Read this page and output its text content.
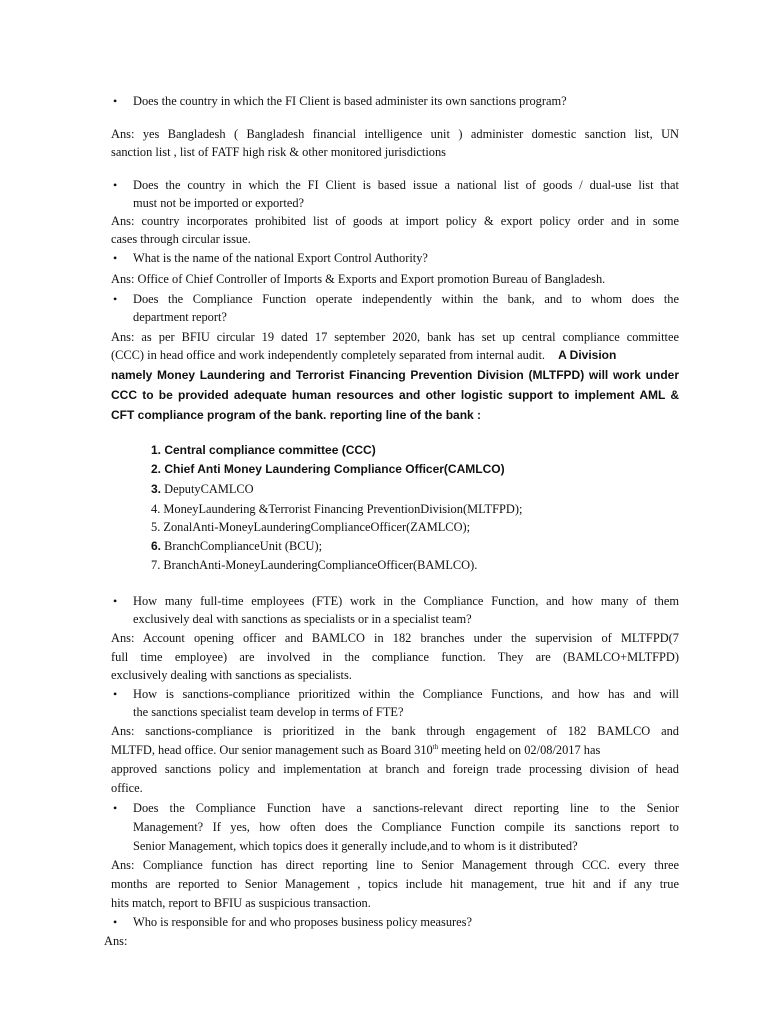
• Does the country in which the FI Client is based administer its own sanctions program?
Ans: yes Bangladesh ( Bangladesh financial intelligence unit ) administer domestic sanction list, UN
sanction list , list of FATF high risk & other monitored jurisdictions
• Does the country in which the FI Client is based issue a national list of goods / dual-use list that
must not be imported or exported?
Ans: country incorporates prohibited list of goods at import policy & export policy order and in some
cases through circular issue.
• What is the name of the national Export Control Authority?
Ans: Office of Chief Controller of Imports & Exports and Export promotion Bureau of Bangladesh.
• Does the Compliance Function operate independently within the bank, and to whom does the
department report?
Ans: as per BFIU circular 19 dated 17 september 2020, bank has set up central compliance committee
(CCC) in head office and work independently completely separated from internal audit. A Division
namely Money Laundering and Terrorist Financing Prevention Division (MLTFPD) will work under
CCC to be provided adequate human resources and other logistic support to implement AML &
CFT compliance program of the bank. reporting line of the bank :
1. Central compliance committee (CCC)
2. Chief Anti Money Laundering Compliance Officer(CAMLCO)
3. DeputyCAMLCO
4. MoneyLaundering &Terrorist Financing PreventionDivision(MLTFPD);
5. ZonalAnti-MoneyLaunderingComplianceOfficer(ZAMLCO);
6. BranchComplianceUnit (BCU);
7. BranchAnti-MoneyLaunderingComplianceOfficer(BAMLCO).
• How many full-time employees (FTE) work in the Compliance Function, and how many of them
exclusively deal with sanctions as specialists or in a specialist team?
Ans: Account opening officer and BAMLCO in 182 branches under the supervision of MLTFPD(7
full time employee) are involved in the compliance function. They are (BAMLCO+MLTFPD)
exclusively dealing with sanctions as specialists.
• How is sanctions-compliance prioritized within the Compliance Functions, and how has and will
the sanctions specialist team develop in terms of FTE?
Ans: sanctions-compliance is prioritized in the bank through engagement of 182 BAMLCO and
MLTFD, head office. Our senior management such as Board 310th meeting held on 02/08/2017 has
approved sanctions policy and implementation at branch and foreign trade processing division of head
office.
• Does the Compliance Function have a sanctions-relevant direct reporting line to the Senior
Management? If yes, how often does the Compliance Function compile its sanctions report to
Senior Management, which topics does it generally include,and to whom is it distributed?
Ans: Compliance function has direct reporting line to Senior Management through CCC. every three
months are reported to Senior Management , topics include hit management, true hit and if any true
hits match, report to BFIU as suspicious transaction.
• Who is responsible for and who proposes business policy measures?
Ans:
